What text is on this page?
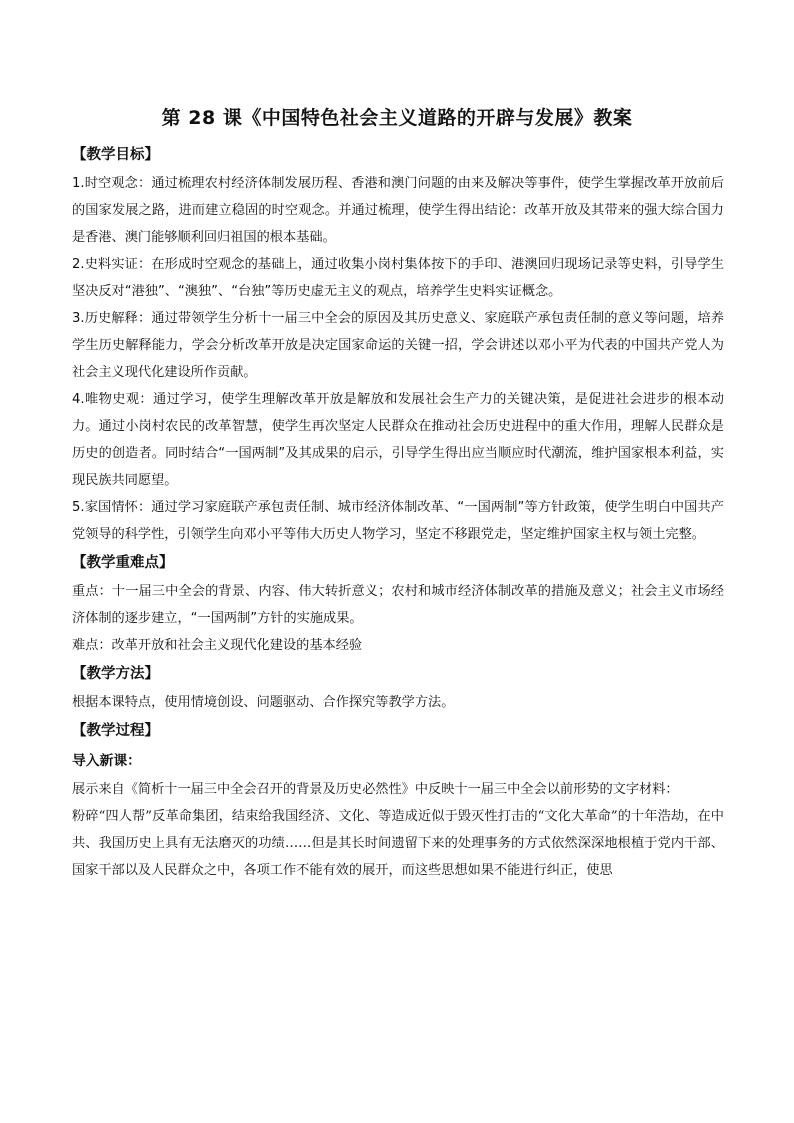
第 28 课《中国特色社会主义道路的开辟与发展》教案

【教学目标】

1.时空观念：通过梳理农村经济体制发展历程、香港和澳门问题的由来及解决等事件，使学生掌握改革开放前后的国家发展之路，进而建立稳固的时空观念。并通过梳理，使学生得出结论：改革开放及其带来的强大综合国力是香港、澳门能够顺利回归祖国的根本基础。

2.史料实证：在形成时空观念的基础上，通过收集小岗村集体按下的手印、港澳回归现场记录等史料，引导学生坚决反对“港独”、“澳独”、“台独”等历史虚无主义的观点，培养学生史料实证概念。

3.历史解释：通过带领学生分析十一届三中全会的原因及其历史意义、家庭联产承包责任制的意义等问题，培养学生历史解释能力，学会分析改革开放是决定国家命运的关键一招，学会讲述以邓小平为代表的中国共产党人为社会主义现代化建设所作贡献。

4.唯物史观：通过学习，使学生理解改革开放是解放和发展社会生产力的关键决策，是促进社会进步的根本动力。通过小岗村农民的改革智慧，使学生再次坚定人民群众在推动社会历史进程中的重大作用，理解人民群众是历史的创造者。同时结合“一国两制”及其成果的启示，引导学生得出应当顺应时代潮流，维护国家根本利益，实现民族共同愿望。

5.家国情怀：通过学习家庭联产承包责任制、城市经济体制改革、“一国两制”等方针政策，使学生明白中国共产党领导的科学性，引领学生向邓小平等伟大历史人物学习，坚定不移跟党走，坚定维护国家主权与领土完整。

【教学重难点】

重点：十一届三中全会的背景、内容、伟大转折意义；农村和城市经济体制改革的措施及意义；社会主义市场经济体制的逐步建立，“一国两制”方针的实施成果。

难点：改革开放和社会主义现代化建设的基本经验

【教学方法】

根据本课特点，使用情境创设、问题驱动、合作探究等教学方法。

【教学过程】

导入新课：

展示来自《简析十一届三中全会召开的背景及历史必然性》中反映十一届三中全会以前形势的文字材料：

粉碎“四人帮”反革命集团，结束给我国经济、文化、等造成近似于毁灭性打击的“文化大革命”的十年浩劫，在中共、我国历史上具有无法磨灭的功绩……但是其长时间遗留下来的处理事务的方式依然深深地根植于党内干部、国家干部以及人民群众之中，各项工作不能有效的展开，而这些思想如果不能进行纠正，使思
